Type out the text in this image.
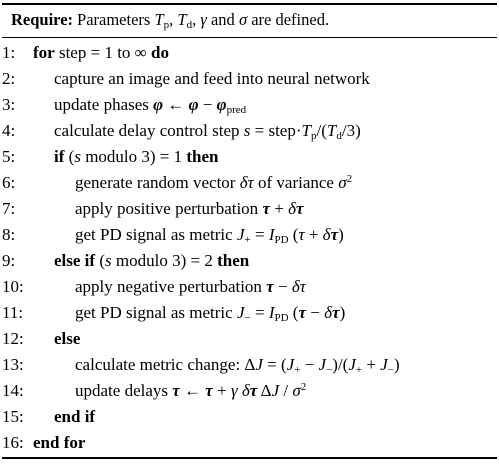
Require: Parameters $T_p$, $T_d$, γ and σ are defined.
1: for step = 1 to ∞ do
2: capture an image and feed into neural network
3: update phases φ ← $\varphi - \varphi_{pred}$
4: calculate delay control step $s = step\cdot T_p/(T_d/3)$
5: if (s modulo 3) = 1 then
6:	generate random vector δτ of variance $\sigma^2$
7:	apply positive perturbation τ + δτ
8:	get PD signal as metric $J_+ = I_{PD}$ (τ + δτ)
9: else if (s modulo 3) = 2 then
10:	apply negative perturbation τ − δτ
11:	get PD signal as metric $J_- = I_{PD}$ (τ − δτ)
12: else
13:	calculate metric change: $\Delta J = (J_+ - J_-)/(J_+ + J_-)$
14:	update delays τ ← τ + γ δτ ΔJ / $\sigma^2$
15: end if
16: end for
